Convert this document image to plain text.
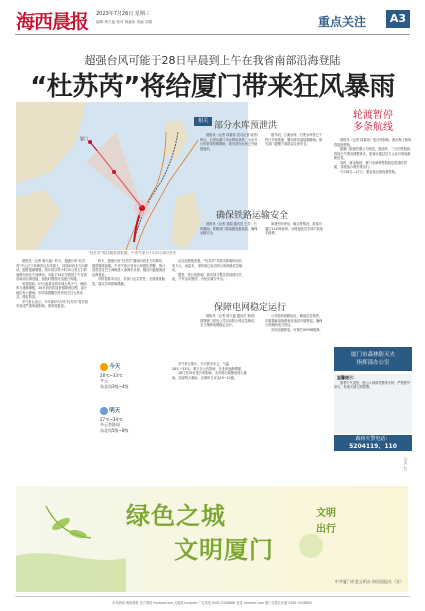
海西晨报	2023年7月26日 星期三
编辑 黄天福 校对 林嘉伟 美编 刘娟	重点关注	A3
超强台风可能于28日早晨到上午在我省南部沿海登陆
“杜苏芮”将给厦门带来狂风暴雨
厦门
“杜苏芮”路径概率预报图。中央气象台7月25日8时发布

晨报讯（记者 黄天福）昨天，超强台风“杜苏芮”中心位于菲律宾以东洋面上，持续向西北方向移动，强度逐渐增强。预计将以每小时10公里左右的速度向西北方向移动，可能于28日早晨到上午在我省南部沿海登陆，登陆时强度可达强台风级。

受其影响，27日起我市将出现大风天气，海面风力逐渐增强，28日前后将迎来强降雨过程，部分地区有大暴雨。市防指提醒市民密切关注台风动态，做好防范。

市气象台表示，今年第5号台风“杜苏芮”将对我市造成严重风雨影响，需高度重视。

昨天，超强台风“杜苏芮”继续向西北方向移动，强度继续加强。中央气象台发布台风橙色预警，预计其将穿过巴士海峡进入南海东北部，随后向福建南部沿海靠近。

市防指要求各区、各部门压实责任，全面排查隐患，落实各项防御措施。

从目前预报来看，“杜苏芮”对我市影响时间长、风力大、雨量多，市防指已启动防台风四级应急响应。

据悉，受台风影响，我市部分景区将视情况关闭，户外活动暂停，市民应减少外出。

今天
28℃~33℃
多云
东北风3级~4级
明天
27℃~34℃
多云有阵雨
东北风5级~8级

市气象台预计，今天我市多云，气温28℃~33℃；明天多云有阵雨，东北风逐渐增强。

28日至29日受台风影响，全市将出现暴雨到大暴雨，局部特大暴雨，沿海风力可达10~12级。

相关 部分水库预泄洪

晨报讯（记者 林嘉伟 见习记者 陈思）昨日，记者从厦门市水利局获悉，为应对台风带来的强降雨，我市部分水库已开始预泄洪。

据介绍，汀溪水库、石兜水库等已于昨日开始预泄，腾出库容迎接强降雨。相关部门提醒下游群众注意安全。

确保铁路运输安全

晨报讯（记者 刘娟 通讯员 王芳）台风期间，铁路部门将加强设备巡检，确保运输安全。

如遇列车停运、晚点等情况，旅客可通过12306查询，办理退改签手续不收取手续费。

保障电网稳定运行

晨报讯（记者 黄天福 通讯员 张明）国网厦门供电公司启动防台风应急响应，全力保障电网稳定运行。

公司组织抢修队伍，储备应急物资，对重要输电线路和变电站开展特巡，确保台风期间电力供应。

市民如遇停电，可拨打95598报修。

轮渡暂停
多条航线

晨报讯（记者 林嘉伟）受台风影响，我市海上航线将陆续停航。

据厦门轮渡有限公司消息，鼓浪屿、三丘田等航线将视天气情况调整班次，旅客可通过官方公众号查询最新信息。

同时，厦金航线、厦门至漳州等航线也将适时停航，请旅客合理安排出行。

7月26日—27日，厦金客运航线将停航。

厦门市森林防灭火
指挥部办公室
温馨提示：

夏季天气炎热，进山入林请勿携带火种，严禁野外用火，发现火情立即报警。

森林火警电话：
5204119、110
公益广告
绿色之城
文明厦门
文明
出行
中共厦门市委文明办 海西晨报社（宣）
本刊热线 海西晨报 官方网站 hxcbxmcom 五缘湾 hxcbxm 广告热线 0592-5338866 登录 hxcbxm.com 厦门日报社出版 0592-5338855
